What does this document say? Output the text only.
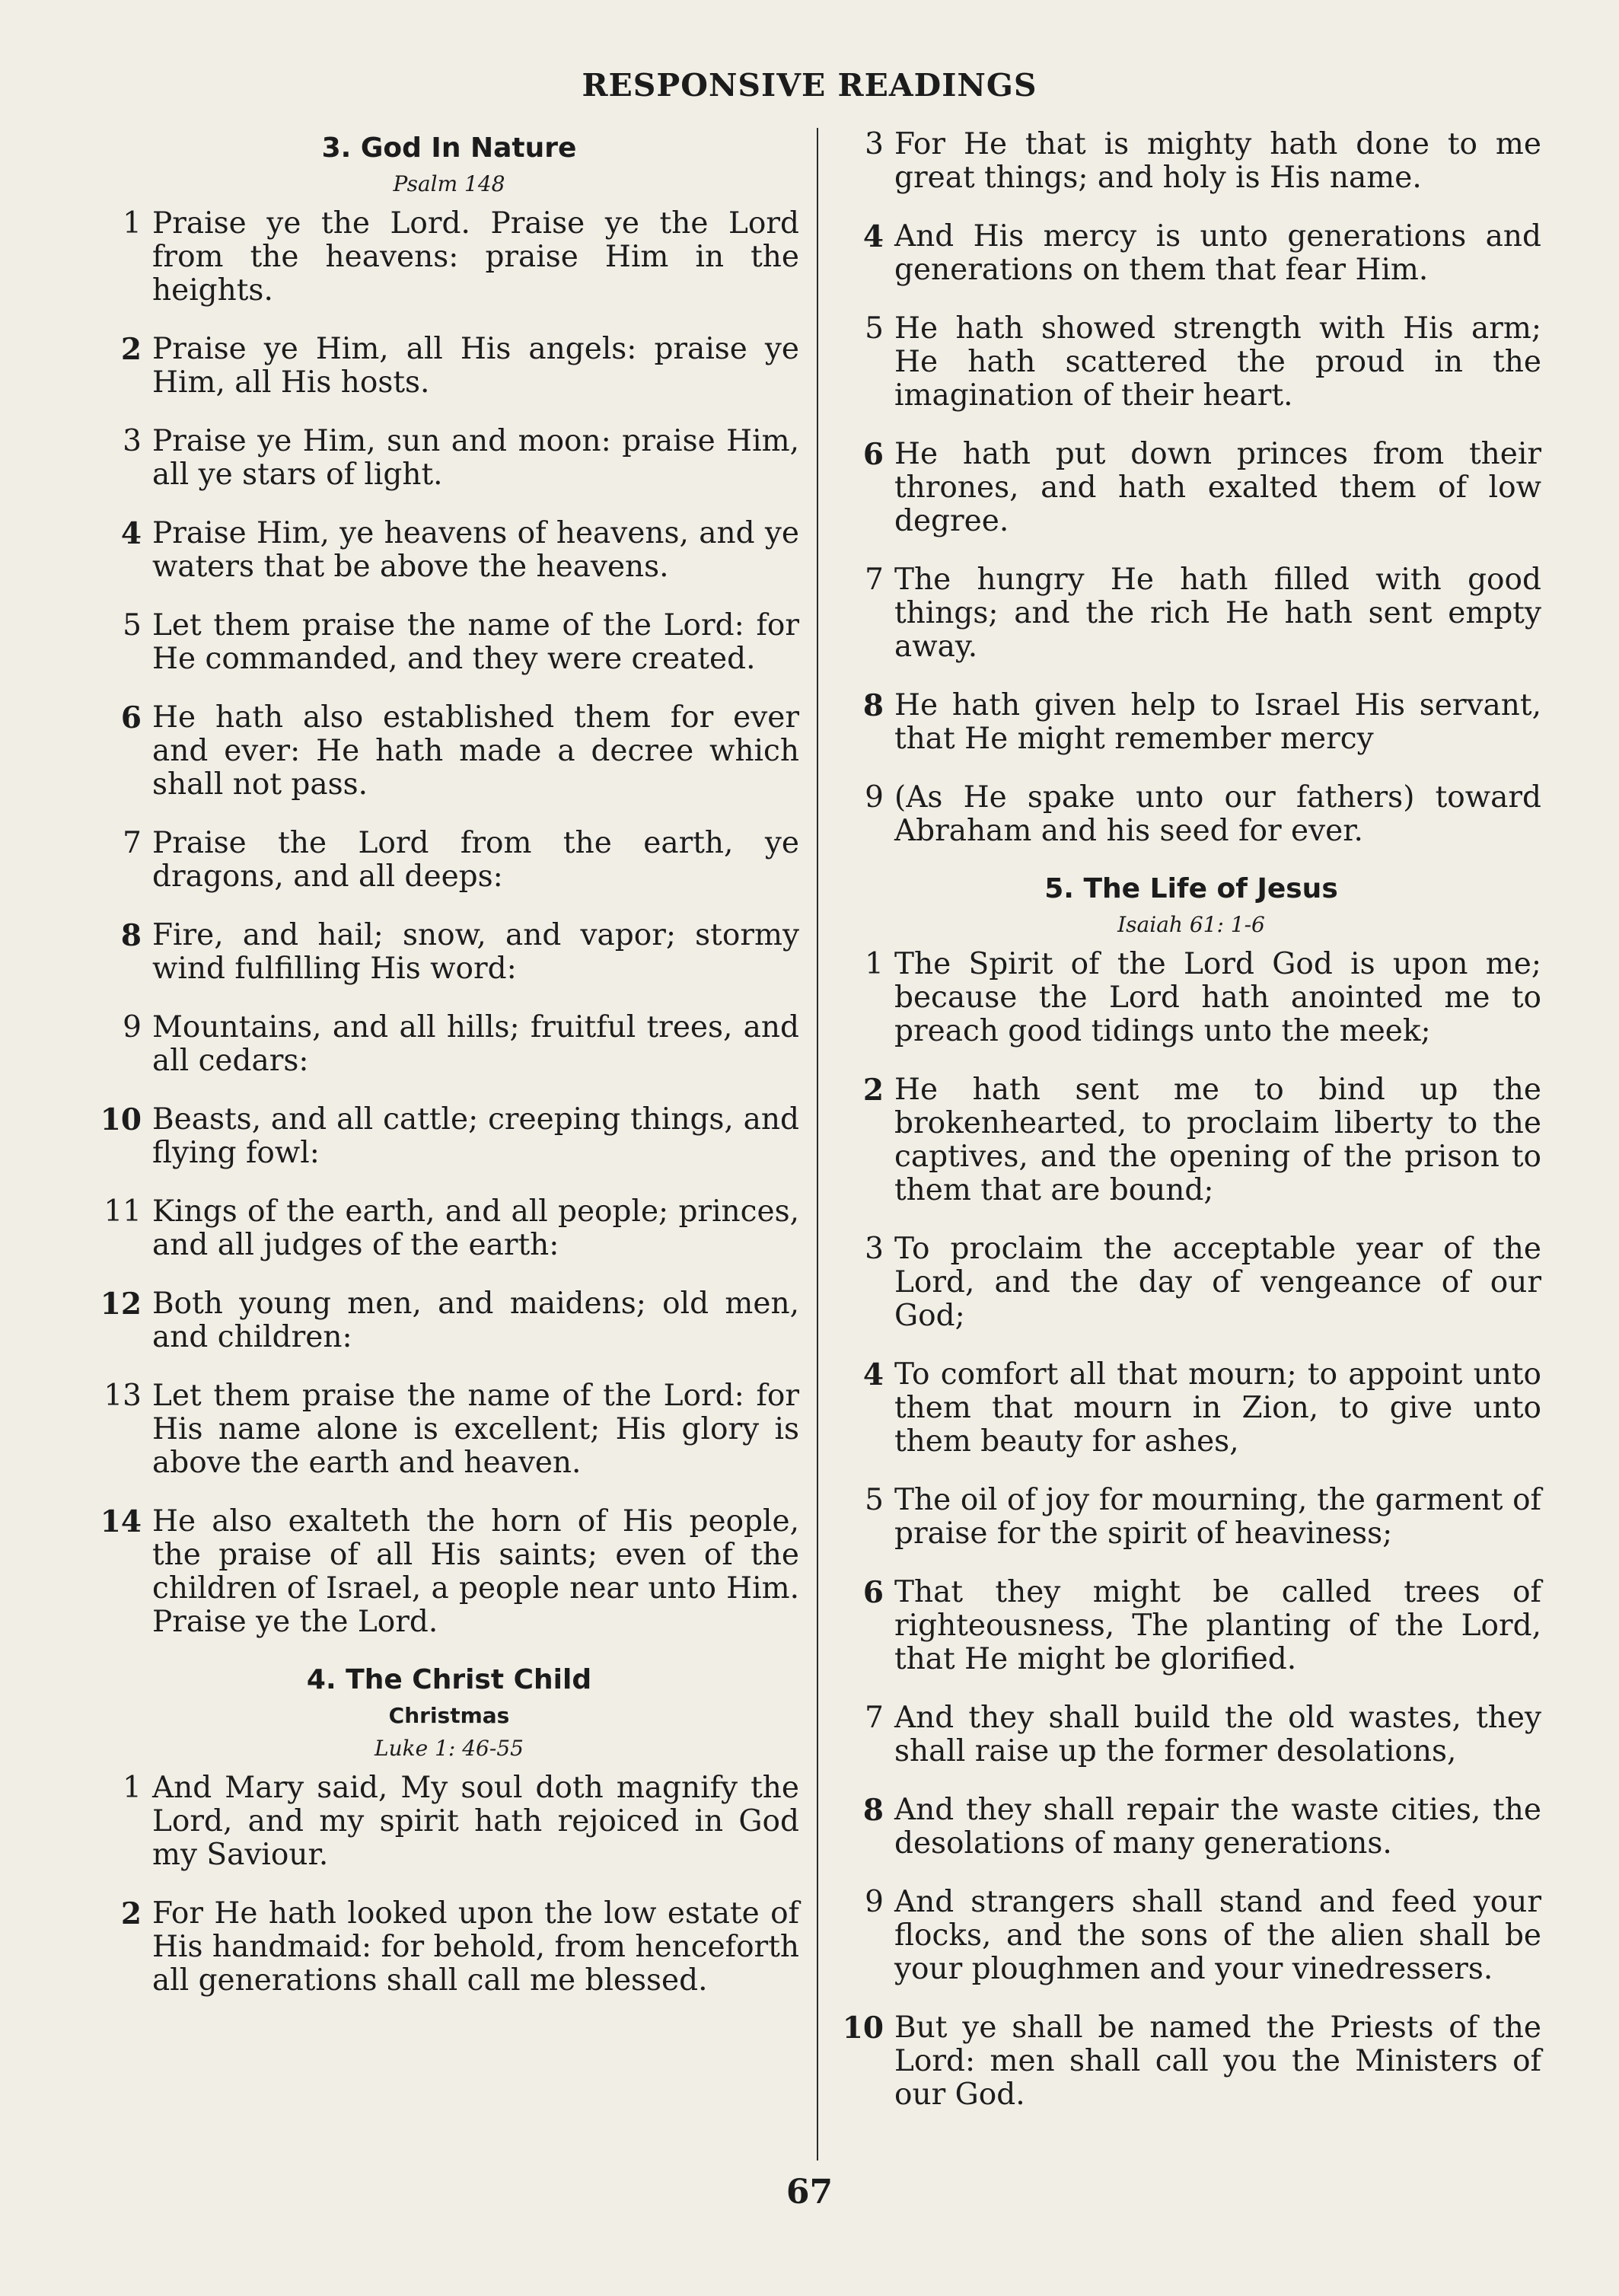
RESPONSIVE READINGS
3. God In Nature
Psalm 148
1 Praise ye the Lord. Praise ye the Lord from the heavens: praise Him in the heights.
2 Praise ye Him, all His angels: praise ye Him, all His hosts.
3 Praise ye Him, sun and moon: praise Him, all ye stars of light.
4 Praise Him, ye heavens of heavens, and ye waters that be above the heavens.
5 Let them praise the name of the Lord: for He commanded, and they were created.
6 He hath also established them for ever and ever: He hath made a decree which shall not pass.
7 Praise the Lord from the earth, ye dragons, and all deeps:
8 Fire, and hail; snow, and vapor; stormy wind fulfilling His word:
9 Mountains, and all hills; fruitful trees, and all cedars:
10 Beasts, and all cattle; creeping things, and flying fowl:
11 Kings of the earth, and all people; princes, and all judges of the earth:
12 Both young men, and maidens; old men, and children:
13 Let them praise the name of the Lord: for His name alone is excellent; His glory is above the earth and heaven.
14 He also exalteth the horn of His people, the praise of all His saints; even of the children of Israel, a people near unto Him. Praise ye the Lord.
4. The Christ Child
Christmas
Luke 1: 46-55
1 And Mary said, My soul doth magnify the Lord, and my spirit hath rejoiced in God my Saviour.
2 For He hath looked upon the low estate of His handmaid: for behold, from henceforth all generations shall call me blessed.
3 For He that is mighty hath done to me great things; and holy is His name.
4 And His mercy is unto generations and generations on them that fear Him.
5 He hath showed strength with His arm; He hath scattered the proud in the imagination of their heart.
6 He hath put down princes from their thrones, and hath exalted them of low degree.
7 The hungry He hath filled with good things; and the rich He hath sent empty away.
8 He hath given help to Israel His servant, that He might remember mercy
9 (As He spake unto our fathers) toward Abraham and his seed for ever.
5. The Life of Jesus
Isaiah 61: 1-6
1 The Spirit of the Lord God is upon me; because the Lord hath anointed me to preach good tidings unto the meek;
2 He hath sent me to bind up the brokenhearted, to proclaim liberty to the captives, and the opening of the prison to them that are bound;
3 To proclaim the acceptable year of the Lord, and the day of vengeance of our God;
4 To comfort all that mourn; to appoint unto them that mourn in Zion, to give unto them beauty for ashes,
5 The oil of joy for mourning, the garment of praise for the spirit of heaviness;
6 That they might be called trees of righteousness, The planting of the Lord, that He might be glorified.
7 And they shall build the old wastes, they shall raise up the former desolations,
8 And they shall repair the waste cities, the desolations of many generations.
9 And strangers shall stand and feed your flocks, and the sons of the alien shall be your ploughmen and your vinedressers.
10 But ye shall be named the Priests of the Lord: men shall call you the Ministers of our God.
67
